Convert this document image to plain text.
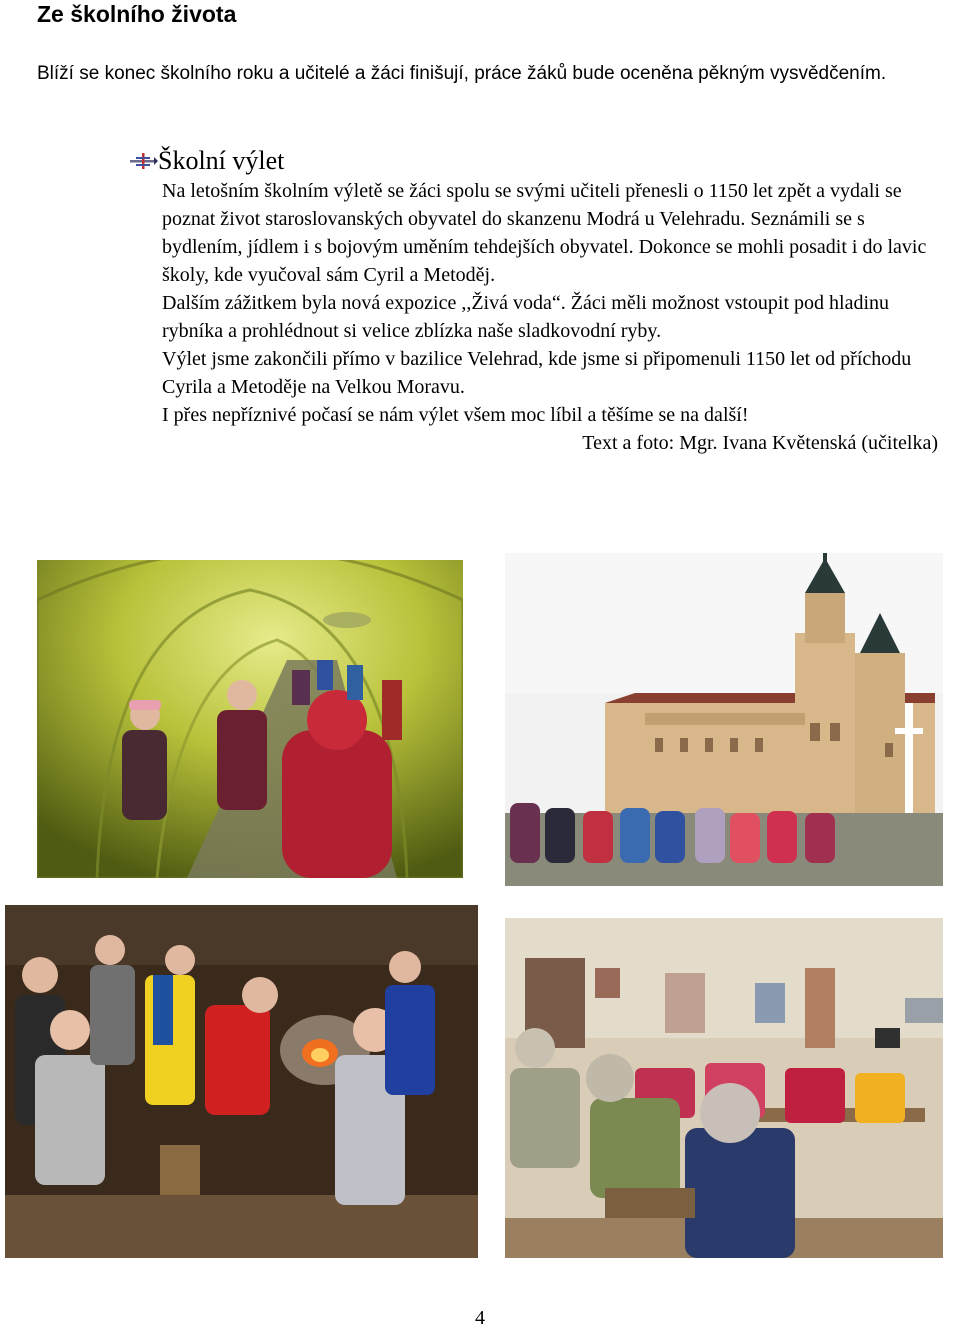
Ze školního života
Blíží se konec školního roku a učitelé a žáci finišují, práce žáků bude oceněna pěkným vysvědčením.
Školní výlet

Na letošním školním výletě se žáci spolu se svými učiteli přenesli o 1150 let zpět a vydali se poznat život staroslovanských obyvatel do skanzenu Modrá u Velehradu. Seznámili se s bydlením, jídlem i s bojovým uměním tehdejších obyvatel. Dokonce se mohli posadit i do lavic školy, kde vyučoval sám Cyril a Metoděj.

Dalším zážitkem byla nová expozice ,,Živá voda“. Žáci měli možnost vstoupit pod hladinu rybníka a prohlédnout si velice zblízka naše sladkovodní ryby.

Výlet jsme zakončili přímo v bazilice Velehrad, kde jsme si připomenuli 1150 let od příchodu Cyrila a Metoděje na Velkou Moravu.

I přes nepříznivé počasí se nám výlet všem moc líbil a těšíme se na další!

Text a foto: Mgr. Ivana Květenská (učitelka)

4
